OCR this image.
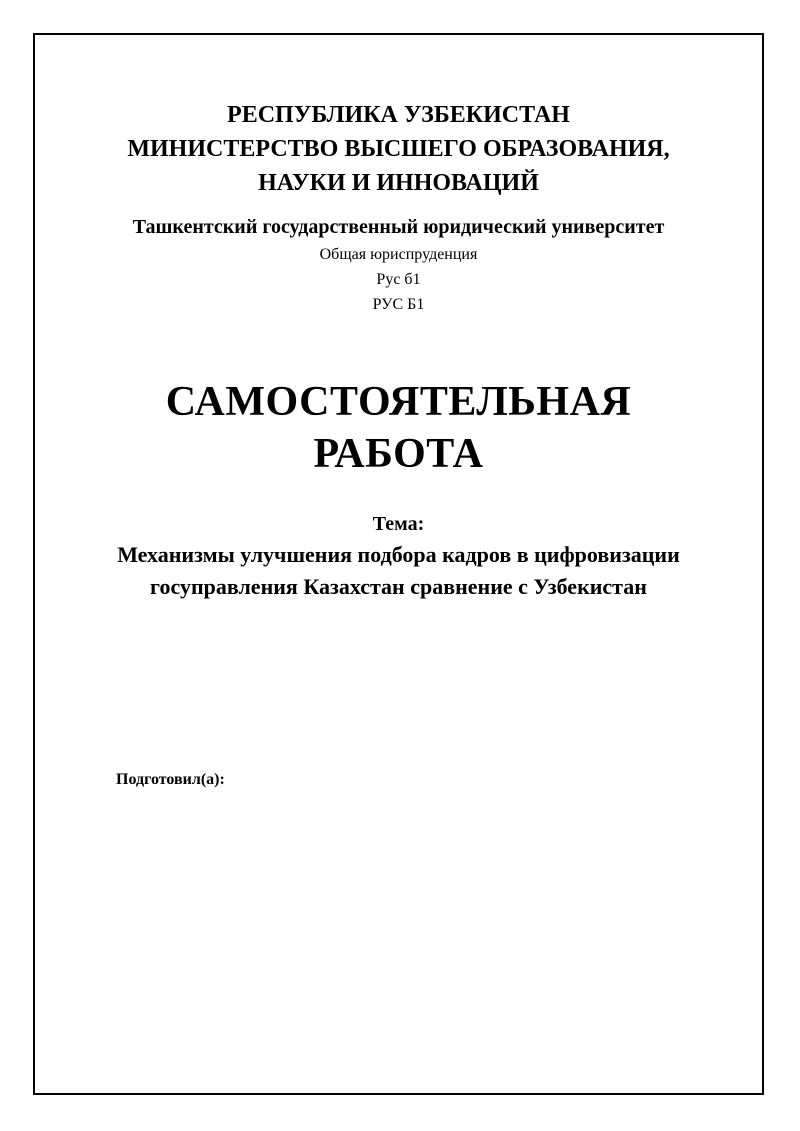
РЕСПУБЛИКА УЗБЕКИСТАН
МИНИСТЕРСТВО ВЫСШЕГО ОБРАЗОВАНИЯ,
НАУКИ И ИННОВАЦИЙ
Ташкентский государственный юридический университет
Общая юриспруденция
Рус б1
РУС Б1
САМОСТОЯТЕЛЬНАЯ
РАБОТА
Тема:
Механизмы улучшения подбора кадров в цифровизации
госуправления Казахстан сравнение с Узбекистан
Подготовил(а):
